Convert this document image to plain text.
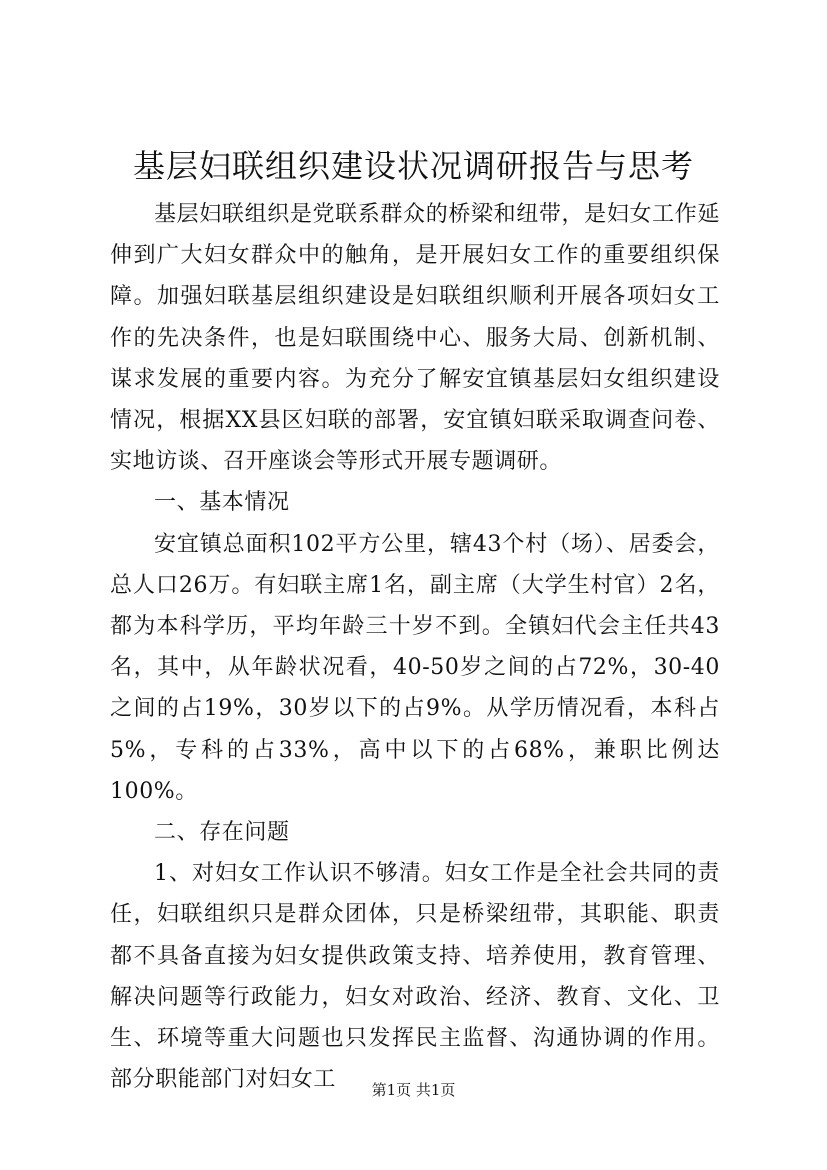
基层妇联组织建设状况调研报告与思考

基层妇联组织是党联系群众的桥梁和纽带，是妇女工作延伸到广大妇女群众中的触角，是开展妇女工作的重要组织保障。加强妇联基层组织建设是妇联组织顺利开展各项妇女工作的先决条件，也是妇联围绕中心、服务大局、创新机制、谋求发展的重要内容。为充分了解安宜镇基层妇女组织建设情况，根据XX县区妇联的部署，安宜镇妇联采取调查问卷、实地访谈、召开座谈会等形式开展专题调研。

一、基本情况

安宜镇总面积102平方公里，辖43个村（场）、居委会，总人口26万。有妇联主席1名，副主席（大学生村官）2名，都为本科学历，平均年龄三十岁不到。全镇妇代会主任共43名，其中，从年龄状况看，40-50岁之间的占72%，30-40之间的占19%，30岁以下的占9%。从学历情况看，本科占5%，专科的占33%，高中以下的占68%，兼职比例达100%。

二、存在问题

1、对妇女工作认识不够清。妇女工作是全社会共同的责任，妇联组织只是群众团体，只是桥梁纽带，其职能、职责都不具备直接为妇女提供政策支持、培养使用，教育管理、解决问题等行政能力，妇女对政治、经济、教育、文化、卫生、环境等重大问题也只发挥民主监督、沟通协调的作用。部分职能部门对妇女工	第1页 共1页
